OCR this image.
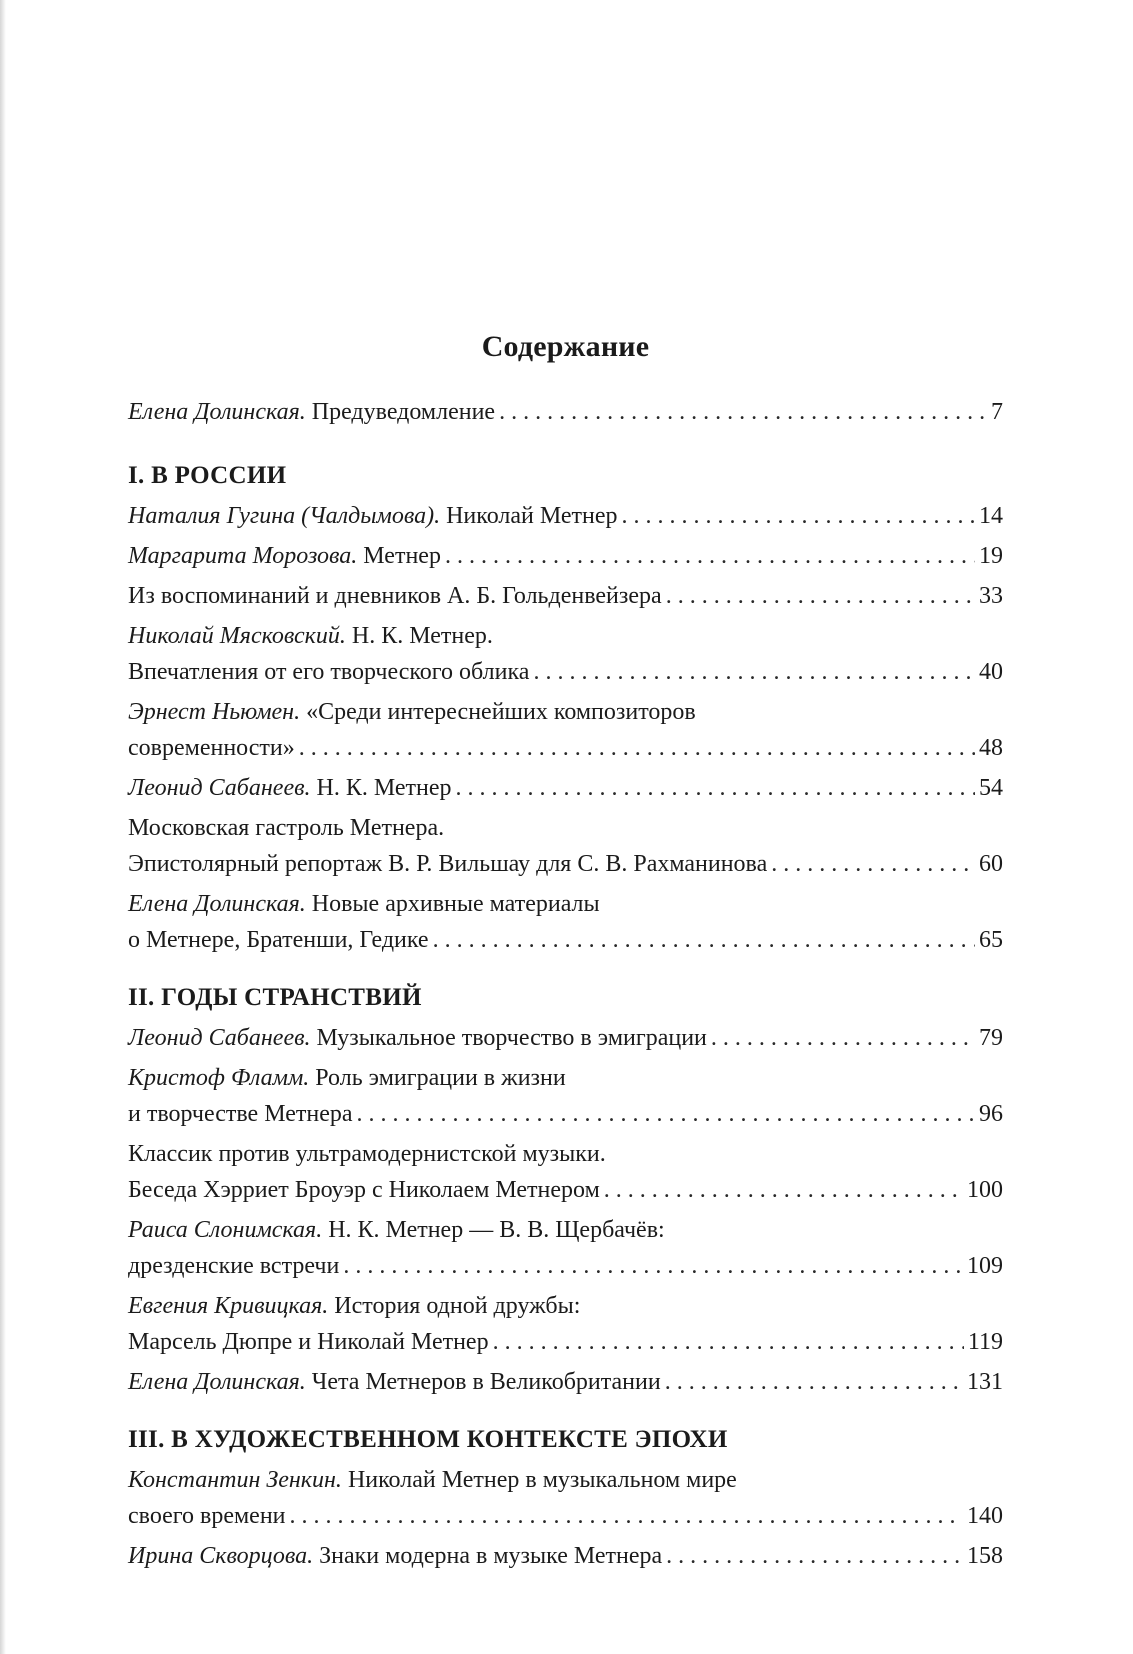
Содержание
Елена Долинская. Предуведомление . . .	7
I. В РОССИИ
Наталия Гугина (Чалдымова). Николай Метнер . . .	14
Маргарита Морозова. Метнер . . .	19
Из воспоминаний и дневников А. Б. Гольденвейзера . . .	33
Николай Мясковский. Н. К. Метнер.
Впечатления от его творческого облика . . .	40
Эрнест Ньюмен. «Среди интереснейших композиторов
современности» . . .	48
Леонид Сабанеев. Н. К. Метнер . . .	54
Московская гастроль Метнера.
Эпистолярный репортаж В. Р. Вильшау для С. В. Рахманинова . . .	60
Елена Долинская. Новые архивные материалы
о Метнере, Братенши, Гедике . . .	65
II. ГОДЫ СТРАНСТВИЙ
Леонид Сабанеев. Музыкальное творчество в эмиграции . . .	79
Кристоф Фламм. Роль эмиграции в жизни
и творчестве Метнера . . .	96
Классик против ультрамодернистской музыки.
Беседа Хэрриет Броуэр с Николаем Метнером . . .	100
Раиса Слонимская. Н. К. Метнер — В. В. Щербачёв:
дрезденские встречи . . .	109
Евгения Кривицкая. История одной дружбы:
Марсель Дюпре и Николай Метнер . . .	119
Елена Долинская. Чета Метнеров в Великобритании . . .	131
III. В ХУДОЖЕСТВЕННОМ КОНТЕКСТЕ ЭПОХИ
Константин Зенкин. Николай Метнер в музыкальном мире
своего времени . . .	140
Ирина Скворцова. Знаки модерна в музыке Метнера . . .	158
